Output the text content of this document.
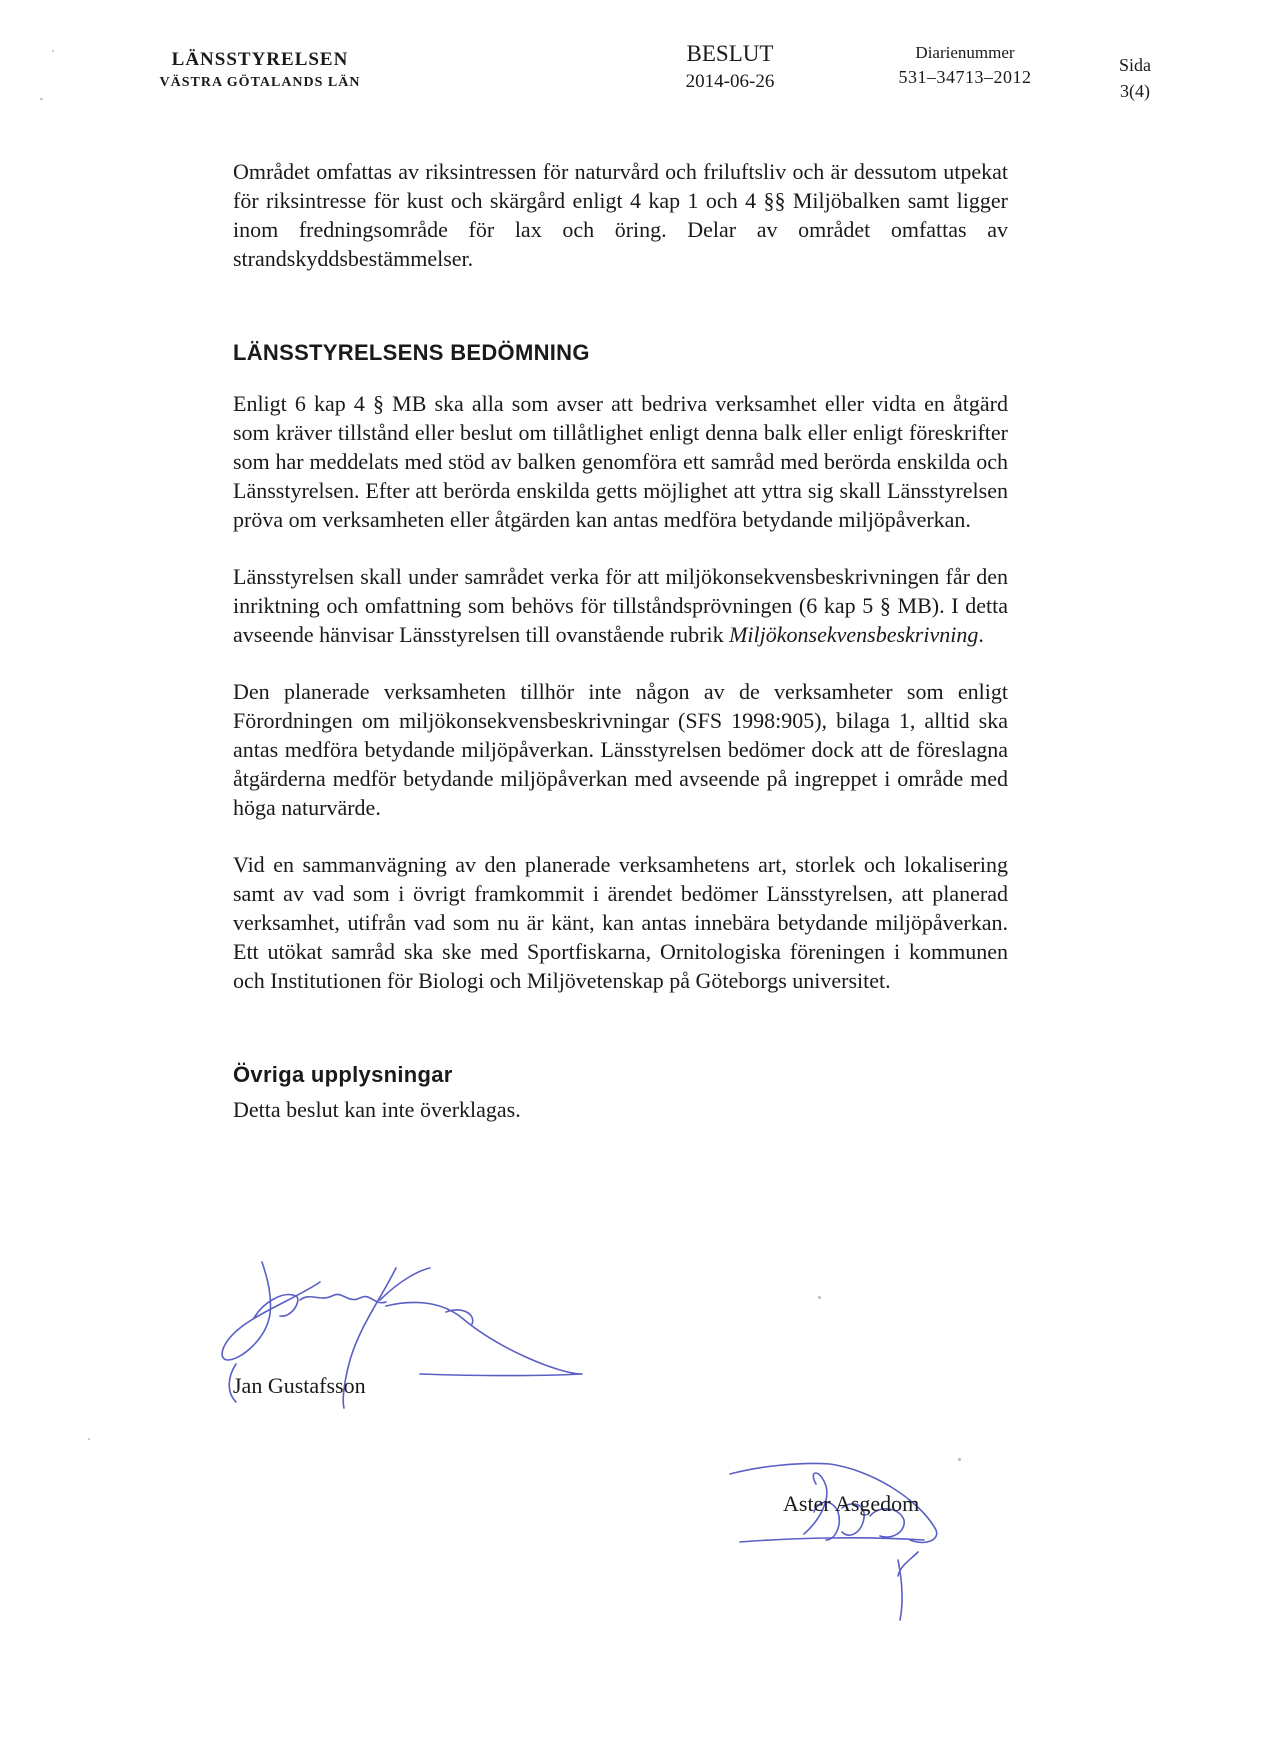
LÄNSSTYRELSEN
VÄSTRA GÖTALANDS LÄN
BESLUT
2014-06-26
Diarienummer
531–34713–2012
Sida
3(4)

Området omfattas av riksintressen för naturvård och friluftsliv och är dessutom utpekat för riksintresse för kust och skärgård enligt 4 kap 1 och 4 §§ Miljöbalken samt ligger inom fredningsområde för lax och öring. Delar av området omfattas av strandskyddsbestämmelser.

LÄNSSTYRELSENS BEDÖMNING

Enligt 6 kap 4 § MB ska alla som avser att bedriva verksamhet eller vidta en åtgärd som kräver tillstånd eller beslut om tillåtlighet enligt denna balk eller enligt föreskrifter som har meddelats med stöd av balken genomföra ett samråd med berörda enskilda och Länsstyrelsen. Efter att berörda enskilda getts möjlighet att yttra sig skall Länsstyrelsen pröva om verksamheten eller åtgärden kan antas medföra betydande miljöpåverkan.

Länsstyrelsen skall under samrådet verka för att miljökonsekvensbeskrivningen får den inriktning och omfattning som behövs för tillståndsprövningen (6 kap 5 § MB). I detta avseende hänvisar Länsstyrelsen till ovanstående rubrik Miljökonsekvensbeskrivning.

Den planerade verksamheten tillhör inte någon av de verksamheter som enligt Förordningen om miljökonsekvensbeskrivningar (SFS 1998:905), bilaga 1, alltid ska antas medföra betydande miljöpåverkan. Länsstyrelsen bedömer dock att de föreslagna åtgärderna medför betydande miljöpåverkan med avseende på ingreppet i område med höga naturvärde.

Vid en sammanvägning av den planerade verksamhetens art, storlek och lokalisering samt av vad som i övrigt framkommit i ärendet bedömer Länsstyrelsen, att planerad verksamhet, utifrån vad som nu är känt, kan antas innebära betydande miljöpåverkan. Ett utökat samråd ska ske med Sportfiskarna, Ornitologiska föreningen i kommunen och Institutionen för Biologi och Miljövetenskap på Göteborgs universitet.

Övriga upplysningar

Detta beslut kan inte överklagas.

Jan Gustafsson
Aster Asgedom
